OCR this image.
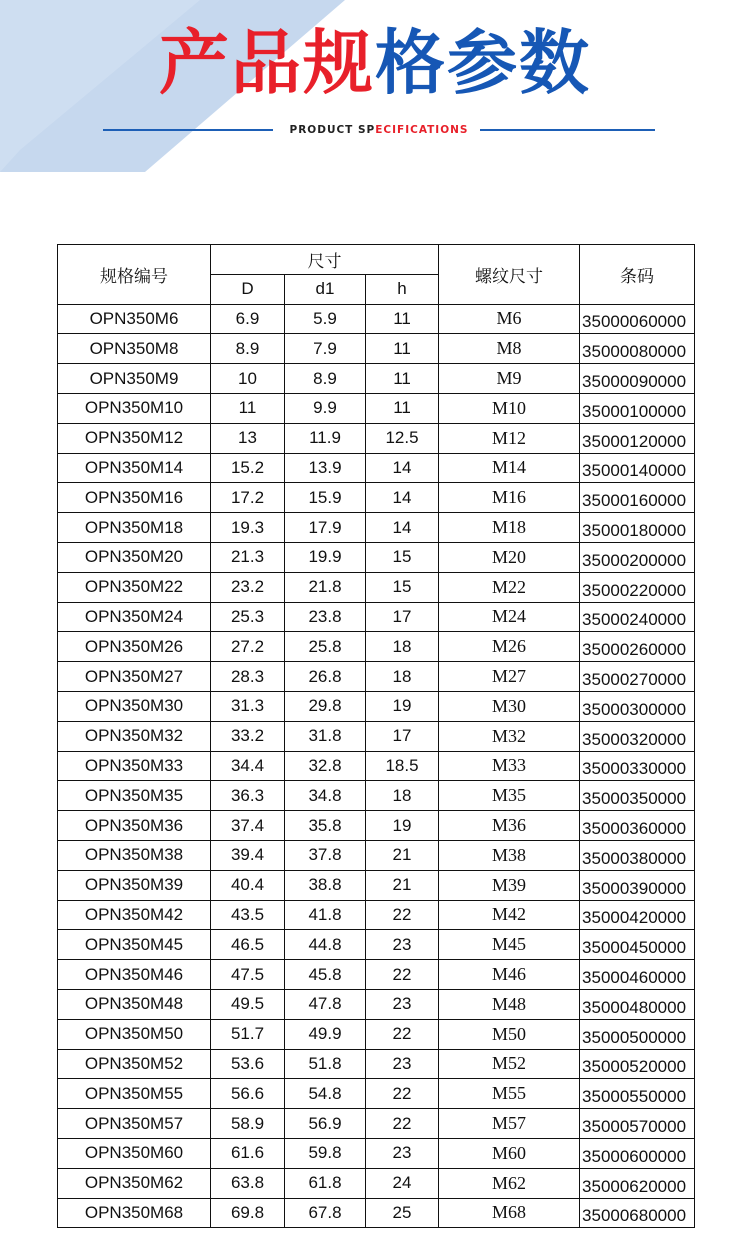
产品规格参数
PRODUCT SPECIFICATIONS
规格编号	尺寸			螺纹尺寸	条码
	D	d1	h		
OPN350M6	6.9	5.9	11	M6	35000060000
OPN350M8	8.9	7.9	11	M8	35000080000
OPN350M9	10	8.9	11	M9	35000090000
OPN350M10	11	9.9	11	M10	35000100000
OPN350M12	13	11.9	12.5	M12	35000120000
OPN350M14	15.2	13.9	14	M14	35000140000
OPN350M16	17.2	15.9	14	M16	35000160000
OPN350M18	19.3	17.9	14	M18	35000180000
OPN350M20	21.3	19.9	15	M20	35000200000
OPN350M22	23.2	21.8	15	M22	35000220000
OPN350M24	25.3	23.8	17	M24	35000240000
OPN350M26	27.2	25.8	18	M26	35000260000
OPN350M27	28.3	26.8	18	M27	35000270000
OPN350M30	31.3	29.8	19	M30	35000300000
OPN350M32	33.2	31.8	17	M32	35000320000
OPN350M33	34.4	32.8	18.5	M33	35000330000
OPN350M35	36.3	34.8	18	M35	35000350000
OPN350M36	37.4	35.8	19	M36	35000360000
OPN350M38	39.4	37.8	21	M38	35000380000
OPN350M39	40.4	38.8	21	M39	35000390000
OPN350M42	43.5	41.8	22	M42	35000420000
OPN350M45	46.5	44.8	23	M45	35000450000
OPN350M46	47.5	45.8	22	M46	35000460000
OPN350M48	49.5	47.8	23	M48	35000480000
OPN350M50	51.7	49.9	22	M50	35000500000
OPN350M52	53.6	51.8	23	M52	35000520000
OPN350M55	56.6	54.8	22	M55	35000550000
OPN350M57	58.9	56.9	22	M57	35000570000
OPN350M60	61.6	59.8	23	M60	35000600000
OPN350M62	63.8	61.8	24	M62	35000620000
OPN350M68	69.8	67.8	25	M68	35000680000
